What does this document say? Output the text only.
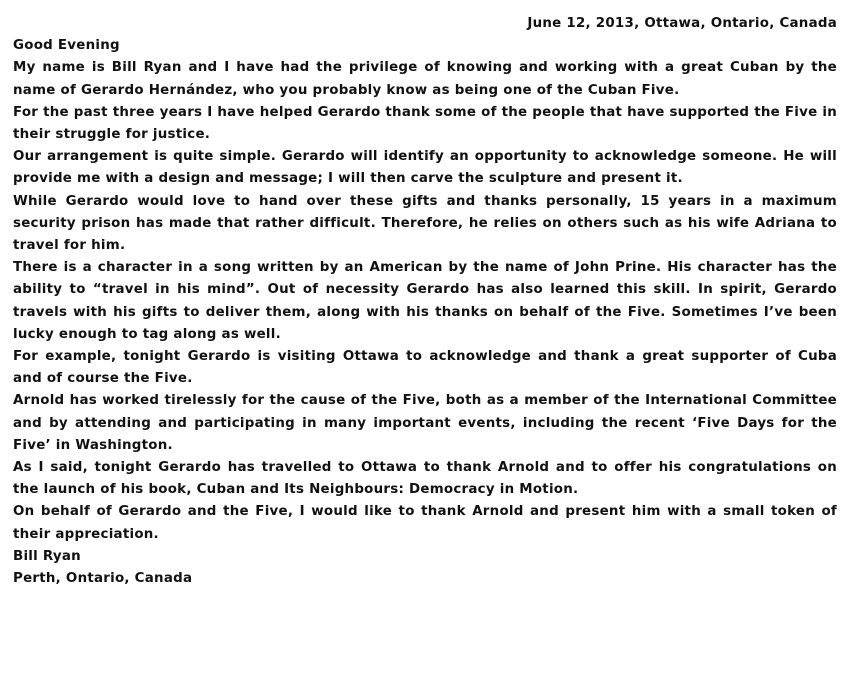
June 12, 2013, Ottawa, Ontario, Canada

Good Evening

My name is Bill Ryan and I have had the privilege of knowing and working with a great Cuban by the name of Gerardo Hernández, who you probably know as being one of the Cuban Five.

For the past three years I have helped Gerardo thank some of the people that have supported the Five in their struggle for justice.

Our arrangement is quite simple. Gerardo will identify an opportunity to acknowledge someone. He will provide me with a design and message; I will then carve the sculpture and present it.

While Gerardo would love to hand over these gifts and thanks personally, 15 years in a maximum security prison has made that rather difficult. Therefore, he relies on others such as his wife Adriana to travel for him.

There is a character in a song written by an American by the name of John Prine. His character has the ability to “travel in his mind”. Out of necessity Gerardo has also learned this skill. In spirit, Gerardo travels with his gifts to deliver them, along with his thanks on behalf of the Five. Sometimes I’ve been lucky enough to tag along as well.

For example, tonight Gerardo is visiting Ottawa to acknowledge and thank a great supporter of Cuba and of course the Five.

Arnold has worked tirelessly for the cause of the Five, both as a member of the International Committee and by attending and participating in many important events, including the recent ‘Five Days for the Five’ in Washington.

As I said, tonight Gerardo has travelled to Ottawa to thank Arnold and to offer his congratulations on the launch of his book, Cuban and Its Neighbours: Democracy in Motion.

On behalf of Gerardo and the Five, I would like to thank Arnold and present him with a small token of their appreciation.

Bill Ryan

Perth, Ontario, Canada
